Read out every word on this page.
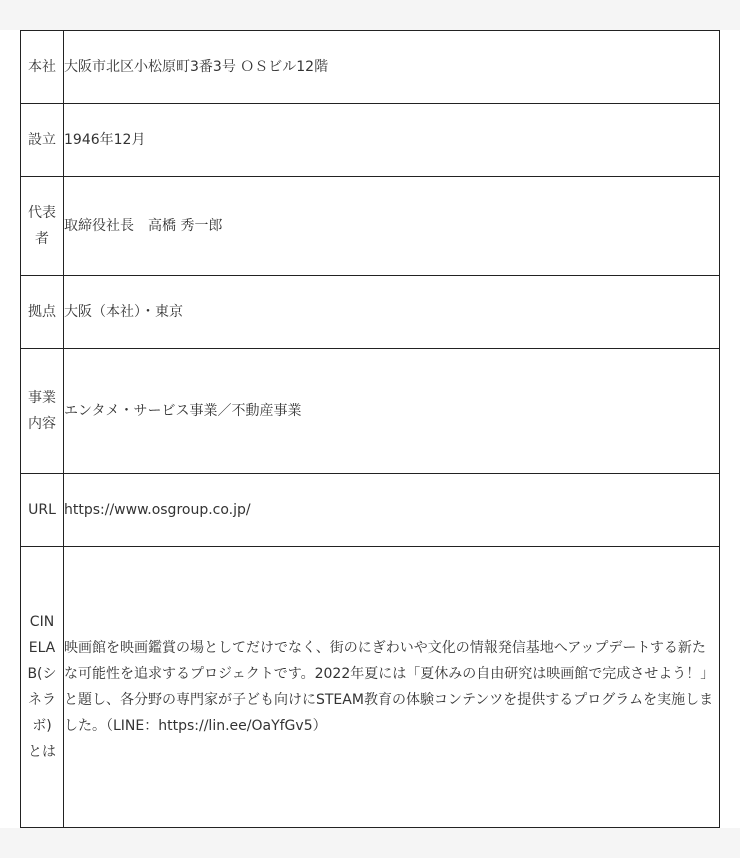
本社	大阪市北区小松原町3番3号 ＯＳビル12階
設立	1946年12月
代表者	取締役社長　高橋 秀一郎
拠点	大阪（本社）・東京
事業内容	エンタメ・サービス事業／不動産事業
URL	https://www.osgroup.co.jp/
CINELAB(シネラボ)とは	映画館を映画鑑賞の場としてだけでなく、街のにぎわいや文化の情報発信基地へアップデートする新たな可能性を追求するプロジェクトです。2022年夏には「夏休みの自由研究は映画館で完成させよう！」と題し、各分野の専門家が子ども向けにSTEAM教育の体験コンテンツを提供するプログラムを実施しました。（LINE：https://lin.ee/OaYfGv5）
